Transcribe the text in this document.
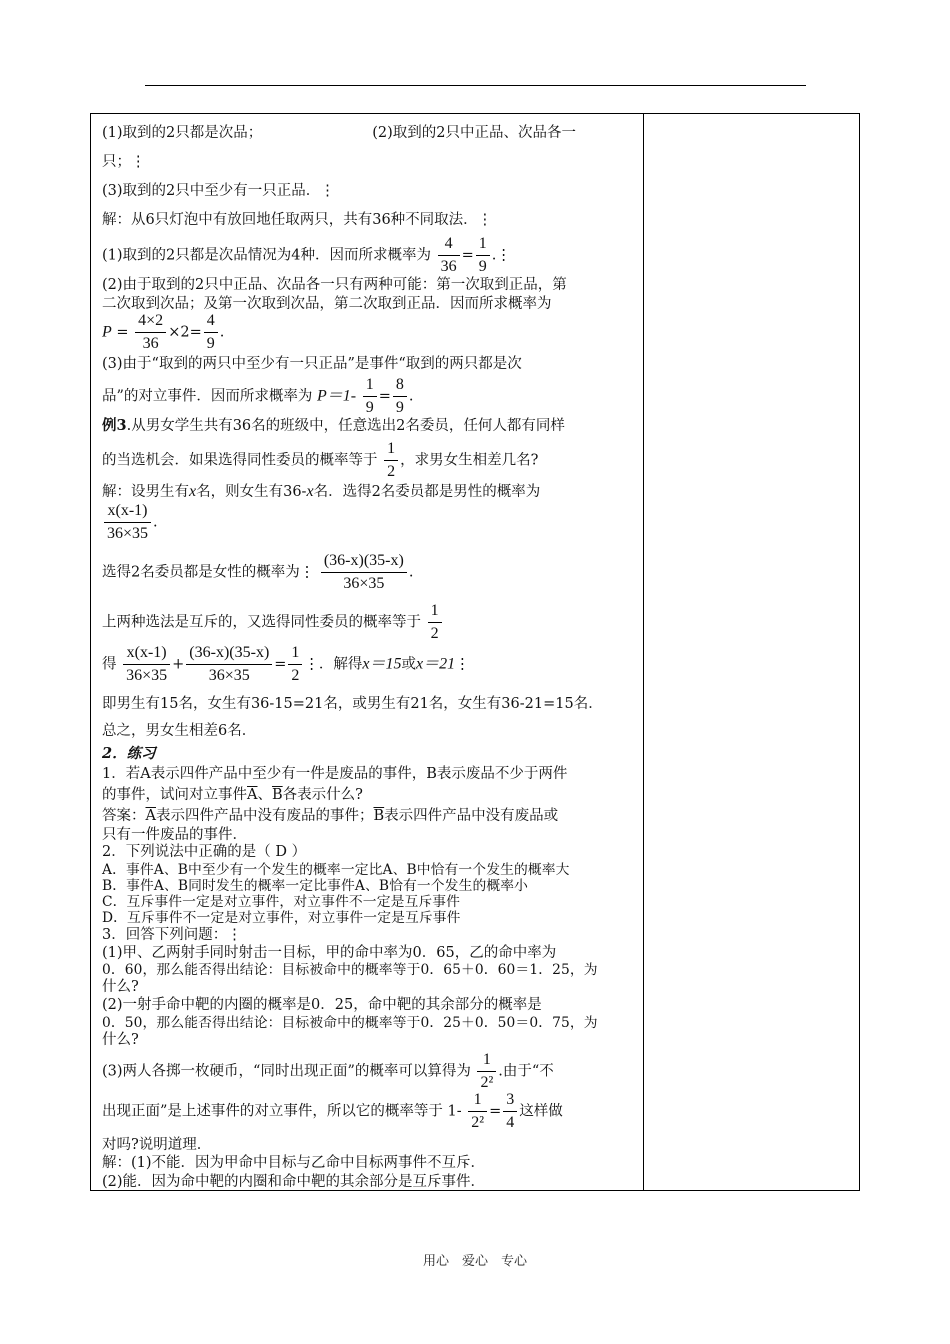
(1)取到的2只都是次品；	(2)取到的2只中正品、次品各一
只；⋮
(3)取到的2只中至少有一只正品．⋮
解：从6只灯泡中有放回地任取两只，共有36种不同取法．⋮
(1)取到的2只都是次品情况为4种．因而所求概率为 $\frac{4}{36} = \frac{1}{9}$ .⋮
(2)由于取到的2只中正品、次品各一只有两种可能：第一次取到正品，第
二次取到次品；及第一次取到次品，第二次取到正品．因而所求概率为
$P = \frac{4\times 2}{36} \times 2= \frac{4}{9}$ .
(3)由于“取到的两只中至少有一只正品”是事件“取到的两只都是次
品”的对立事件．因而所求概率为 $P=1- \frac{1}{9} = \frac{8}{9}$ .
例3.从男女学生共有36名的班级中，任意选出2名委员，任何人都有同样
的当选机会．如果选得同性委员的概率等于 $\frac{1}{2}$ ，求男女生相差几名?
解：设男生有x名，则女生有36-x名．选得2名委员都是男性的概率为
$\frac{x(x-1)}{36\times 35}$ .
选得2名委员都是女性的概率为⋮ $\frac{(36-x)(35-x)}{36\times 35}$ .
上两种选法是互斥的，又选得同性委员的概率等于 $\frac{1}{2}$
得 $\frac{x(x-1)}{36\times 35} + \frac{(36-x)(35-x)}{36\times 35} = \frac{1}{2}$ ⋮．解得x＝15或x＝21⋮
即男生有15名，女生有36-15=21名，或男生有21名，女生有36-21=15名．
总之，男女生相差6名．
2．练习
1．若A表示四件产品中至少有一件是废品的事件，B表示废品不少于两件
的事件，试问对立事件$\overline{A}$、$\overline{B}$各表示什么?
答案：$\overline{A}$表示四件产品中没有废品的事件；$\overline{B}$表示四件产品中没有废品或
只有一件废品的事件．
2．下列说法中正确的是（ D ）
A．事件A、B中至少有一个发生的概率一定比A、B中恰有一个发生的概率大
B．事件A、B同时发生的概率一定比事件A、B恰有一个发生的概率小
C．互斥事件一定是对立事件，对立事件不一定是互斥事件
D．互斥事件不一定是对立事件，对立事件一定是互斥事件
3．回答下列问题：⋮
(1)甲、乙两射手同时射击一目标，甲的命中率为0．65，乙的命中率为
0．60，那么能否得出结论：目标被命中的概率等于0．65＋0．60＝1．25，为
什么?
(2)一射手命中靶的内圈的概率是0．25，命中靶的其余部分的概率是
0．50，那么能否得出结论：目标被命中的概率等于0．25＋0．50＝0．75，为
什么?
(3)两人各掷一枚硬币，“同时出现正面”的概率可以算得为 $\frac{1}{\text{2²}}$ .由于“不
出现正面”是上述事件的对立事件，所以它的概率等于 $1- \frac{1}{\text{2²}} = \frac{3}{4}$ 这样做
对吗?说明道理．
解：(1)不能．因为甲命中目标与乙命中目标两事件不互斥．
(2)能．因为命中靶的内圈和命中靶的其余部分是互斥事件．
用心　爱心　专心
